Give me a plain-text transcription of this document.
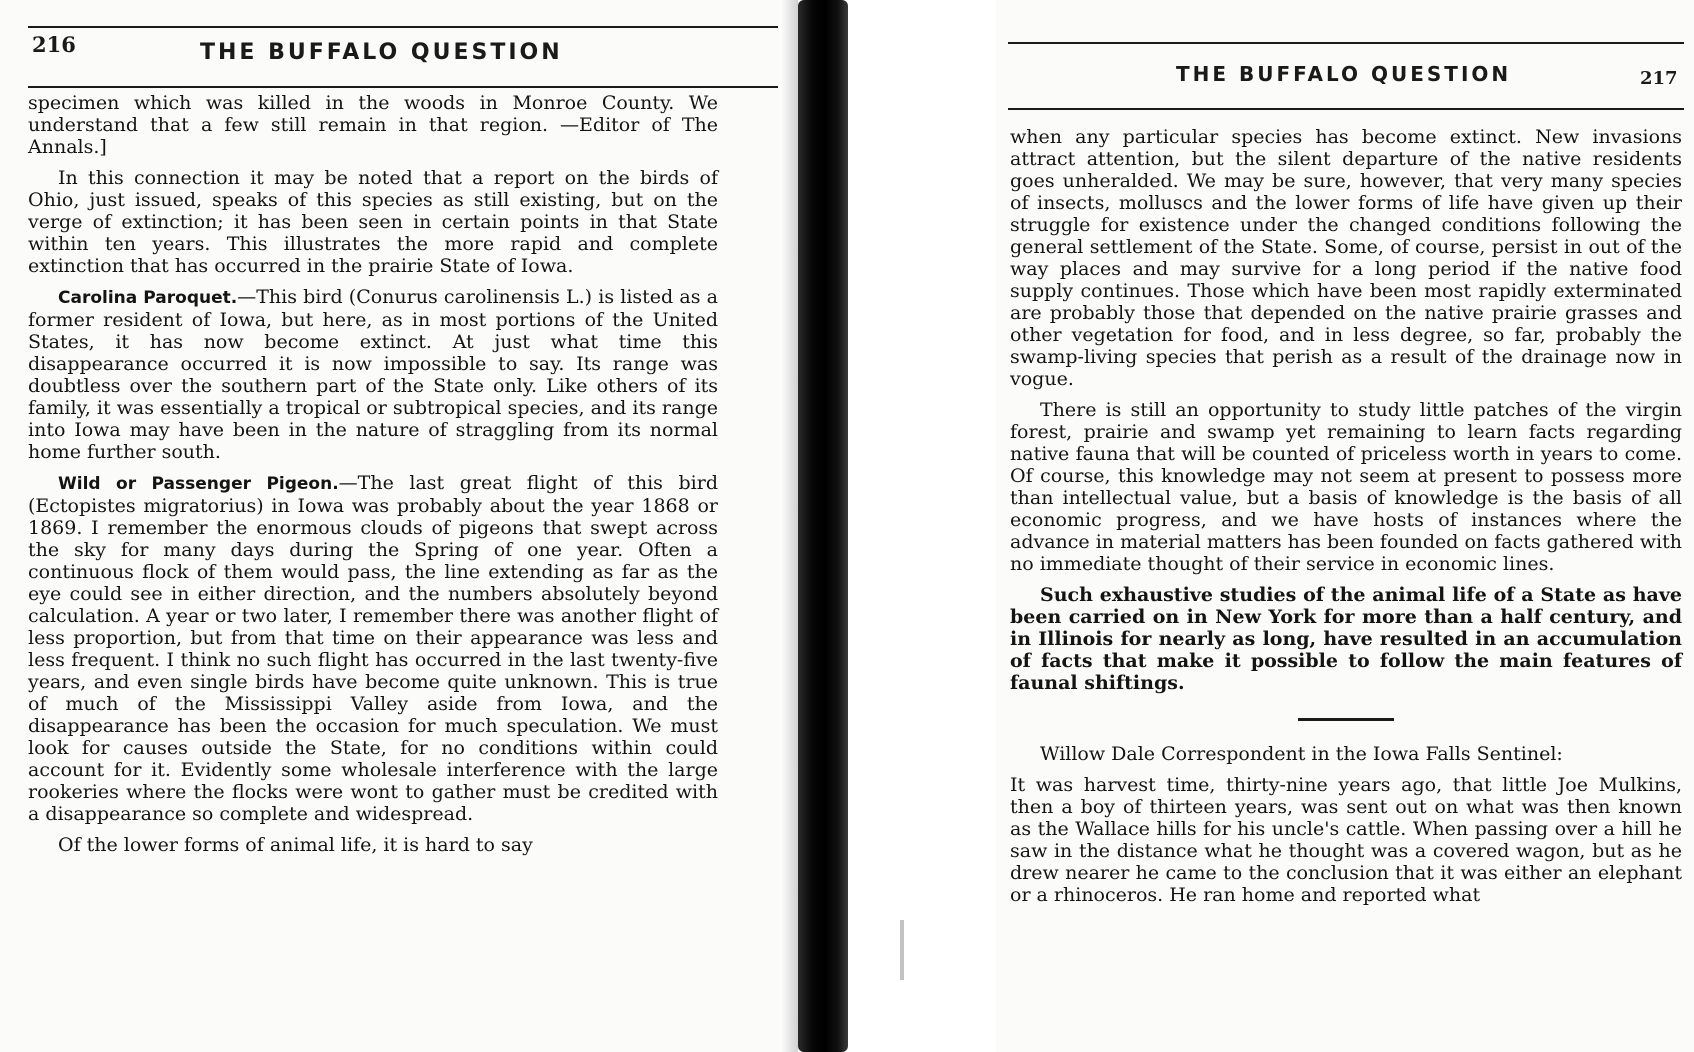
216	THE BUFFALO QUESTION

specimen which was killed in the woods in Monroe County. We understand that a few still remain in that region. —Editor of The Annals.]

In this connection it may be noted that a report on the birds of Ohio, just issued, speaks of this species as still existing, but on the verge of extinction; it has been seen in certain points in that State within ten years. This illustrates the more rapid and complete extinction that has occurred in the prairie State of Iowa.

Carolina Paroquet.—This bird (Conurus carolinensis L.) is listed as a former resident of Iowa, but here, as in most portions of the United States, it has now become extinct. At just what time this disappearance occurred it is now impossible to say. Its range was doubtless over the southern part of the State only. Like others of its family, it was essentially a tropical or subtropical species, and its range into Iowa may have been in the nature of straggling from its normal home further south.

Wild or Passenger Pigeon.—The last great flight of this bird (Ectopistes migratorius) in Iowa was probably about the year 1868 or 1869. I remember the enormous clouds of pigeons that swept across the sky for many days during the Spring of one year. Often a continuous flock of them would pass, the line extending as far as the eye could see in either direction, and the numbers absolutely beyond calculation. A year or two later, I remember there was another flight of less proportion, but from that time on their appearance was less and less frequent. I think no such flight has occurred in the last twenty-five years, and even single birds have become quite unknown. This is true of much of the Mississippi Valley aside from Iowa, and the disappearance has been the occasion for much speculation. We must look for causes outside the State, for no conditions within could account for it. Evidently some wholesale interference with the large rookeries where the flocks were wont to gather must be credited with a disappearance so complete and widespread.

Of the lower forms of animal life, it is hard to say

THE BUFFALO QUESTION	217

when any particular species has become extinct. New invasions attract attention, but the silent departure of the native residents goes unheralded. We may be sure, however, that very many species of insects, molluscs and the lower forms of life have given up their struggle for existence under the changed conditions following the general settlement of the State. Some, of course, persist in out of the way places and may survive for a long period if the native food supply continues. Those which have been most rapidly exterminated are probably those that depended on the native prairie grasses and other vegetation for food, and in less degree, so far, probably the swamp-living species that perish as a result of the drainage now in vogue.

There is still an opportunity to study little patches of the virgin forest, prairie and swamp yet remaining to learn facts regarding native fauna that will be counted of priceless worth in years to come. Of course, this knowledge may not seem at present to possess more than intellectual value, but a basis of knowledge is the basis of all economic progress, and we have hosts of instances where the advance in material matters has been founded on facts gathered with no immediate thought of their service in economic lines.

Such exhaustive studies of the animal life of a State as have been carried on in New York for more than a half century, and in Illinois for nearly as long, have resulted in an accumulation of facts that make it possible to follow the main features of faunal shiftings.

Willow Dale Correspondent in the Iowa Falls Sentinel:

It was harvest time, thirty-nine years ago, that little Joe Mulkins, then a boy of thirteen years, was sent out on what was then known as the Wallace hills for his uncle's cattle. When passing over a hill he saw in the distance what he thought was a covered wagon, but as he drew nearer he came to the conclusion that it was either an elephant or a rhinoceros. He ran home and reported what
